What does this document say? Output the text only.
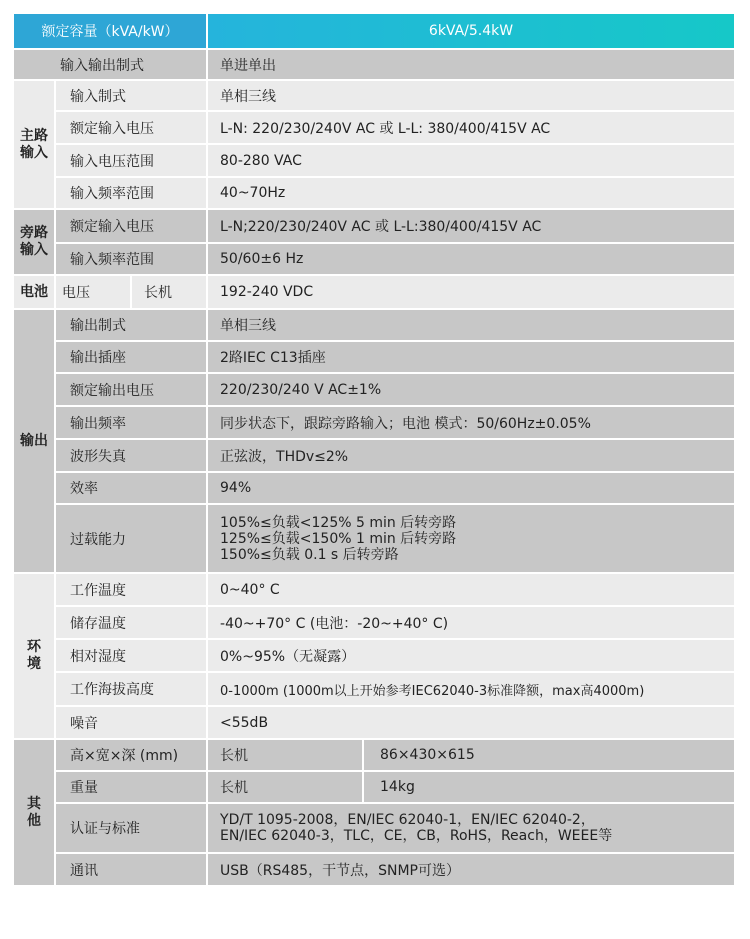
额定容量（kVA/kW）			6kVA/5.4kW	
输入输出制式			单进单出	

主路输入	输入制式		单相三线	
	额定输入电压		L-N: 220/230/240V AC 或 L-L: 380/400/415V AC	
	输入电压范围		80-280 VAC	
	输入频率范围		40~70Hz	

旁路输入	额定输入电压		L-N;220/230/240V AC 或 L-L:380/400/415V AC	
	输入频率范围		50/60±6 Hz	
电池	电压	长机	192-240 VDC	
输出	输出制式		单相三线	
	输出插座		2路IEC C13插座	
	额定输出电压		220/230/240 V AC±1%	
	输出频率		同步状态下，跟踪旁路输入；电池 模式：50/60Hz±0.05%	
	波形失真		正弦波，THDv≤2%	
	效率		94%	
	过载能力		105%≤负载<125% 5 min 后转旁路
125%≤负载<150% 1 min 后转旁路
150%≤负载 0.1 s 后转旁路	

环境	工作温度		0~40° C	
	储存温度		-40~+70° C (电池：-20~+40° C)	
	相对湿度		0%~95%（无凝露）	
	工作海拔高度		0-1000m (1000m以上开始参考IEC62040-3标准降额，max高4000m)	
	噪音		<55dB	

其他	高×宽×深 (mm)		长机	86×430×615
	重量		长机	14kg
	认证与标准		YD/T 1095-2008，EN/IEC 62040-1，EN/IEC 62040-2，
EN/IEC 62040-3，TLC，CE，CB，RoHS，Reach，WEEE等	

	通讯		USB（RS485，干节点，SNMP可选）	
